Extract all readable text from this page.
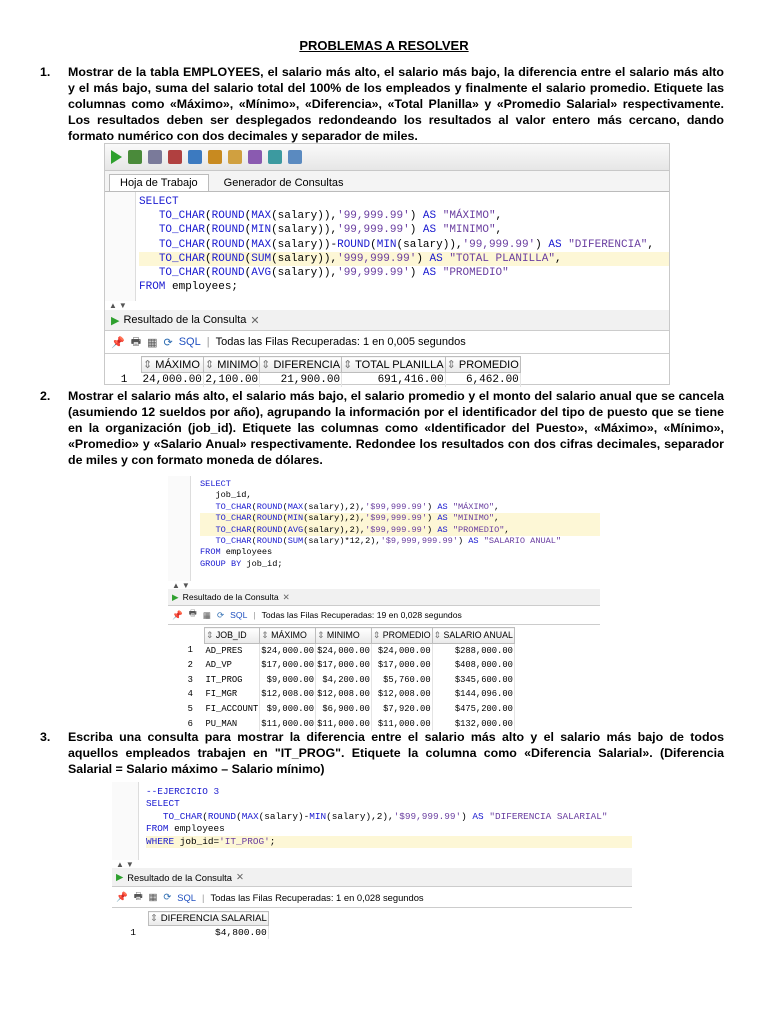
PROBLEMAS A RESOLVER
1. Mostrar de la tabla EMPLOYEES, el salario más alto, el salario más bajo, la diferencia entre el salario más alto y el más bajo, suma del salario total del 100% de los empleados y finalmente el salario promedio. Etiquete las columnas como «Máximo», «Mínimo», «Diferencia», «Total Planilla» y «Promedio Salarial» respectivamente. Los resultados deben ser desplegados redondeando los resultados al valor entero más cercano, dando formato numérico con dos decimales y separador de miles.
Hoja de Trabajo	Generador de Consultas
SELECT
TO_CHAR(ROUND(MAX(salary)),'99,999.99') AS "MÁXIMO",
TO_CHAR(ROUND(MIN(salary)),'99,999.99') AS "MINIMO",
TO_CHAR(ROUND(MAX(salary))-ROUND(MIN(salary)),'99,999.99') AS "DIFERENCIA",
TO_CHAR(ROUND(SUM(salary)),'999,999.99') AS "TOTAL PLANILLA",
TO_CHAR(ROUND(AVG(salary)),'99,999.99') AS "PROMEDIO"
FROM employees;
▲ ▼
▶ Resultado de la Consulta ✕
📌 🖶 ▦ ⟳ SQL | Todas las Filas Recuperadas: 1 en 0,005 segundos
	⇕ MÁXIMO	⇕ MINIMO	⇕ DIFERENCIA	⇕ TOTAL PLANILLA	⇕ PROMEDIO
1	24,000.00	2,100.00	21,900.00	691,416.00	6,462.00
2. Mostrar el salario más alto, el salario más bajo, el salario promedio y el monto del salario anual que se cancela (asumiendo 12 sueldos por año), agrupando la información por el identificador del tipo de puesto que se tiene en la organización (job_id). Etiquete las columnas como «Identificador del Puesto», «Máximo», «Mínimo», «Promedio» y «Salario Anual» respectivamente. Redondee los resultados con dos cifras decimales, separador de miles y con formato moneda de dólares.
SELECT
job_id,
TO_CHAR(ROUND(MAX(salary),2),'$99,999.99') AS "MÁXIMO",
TO_CHAR(ROUND(MIN(salary),2),'$99,999.99') AS "MINIMO",
TO_CHAR(ROUND(AVG(salary),2),'$99,999.99') AS "PROMEDIO",
TO_CHAR(ROUND(SUM(salary)*12,2),'$9,999,999.99') AS "SALARIO ANUAL"
FROM employees
GROUP BY job_id;
▲ ▼
▶ Resultado de la Consulta ✕
📌 🖶 ▦ ⟳ SQL | Todas las Filas Recuperadas: 19 en 0,028 segundos
	⇕ JOB_ID	⇕ MÁXIMO	⇕ MINIMO	⇕ PROMEDIO	⇕ SALARIO ANUAL
1	AD_PRES	$24,000.00	$24,000.00	$24,000.00	$288,000.00
2	AD_VP	$17,000.00	$17,000.00	$17,000.00	$408,000.00
3	IT_PROG	$9,000.00	$4,200.00	$5,760.00	$345,600.00
4	FI_MGR	$12,008.00	$12,008.00	$12,008.00	$144,096.00
5	FI_ACCOUNT	$9,000.00	$6,900.00	$7,920.00	$475,200.00
6	PU_MAN	$11,000.00	$11,000.00	$11,000.00	$132,000.00
3. Escriba una consulta para mostrar la diferencia entre el salario más alto y el salario más bajo de todos aquellos empleados trabajen en "IT_PROG". Etiquete la columna como «Diferencia Salarial». (Diferencia Salarial = Salario máximo – Salario mínimo)
--EJERCICIO 3
SELECT
TO_CHAR(ROUND(MAX(salary)-MIN(salary),2),'$99,999.99') AS "DIFERENCIA SALARIAL"
FROM employees
WHERE job_id='IT_PROG';
▲ ▼
▶ Resultado de la Consulta ✕
📌 🖶 ▦ ⟳ SQL | Todas las Filas Recuperadas: 1 en 0,028 segundos
	⇕ DIFERENCIA SALARIAL
1	$4,800.00
